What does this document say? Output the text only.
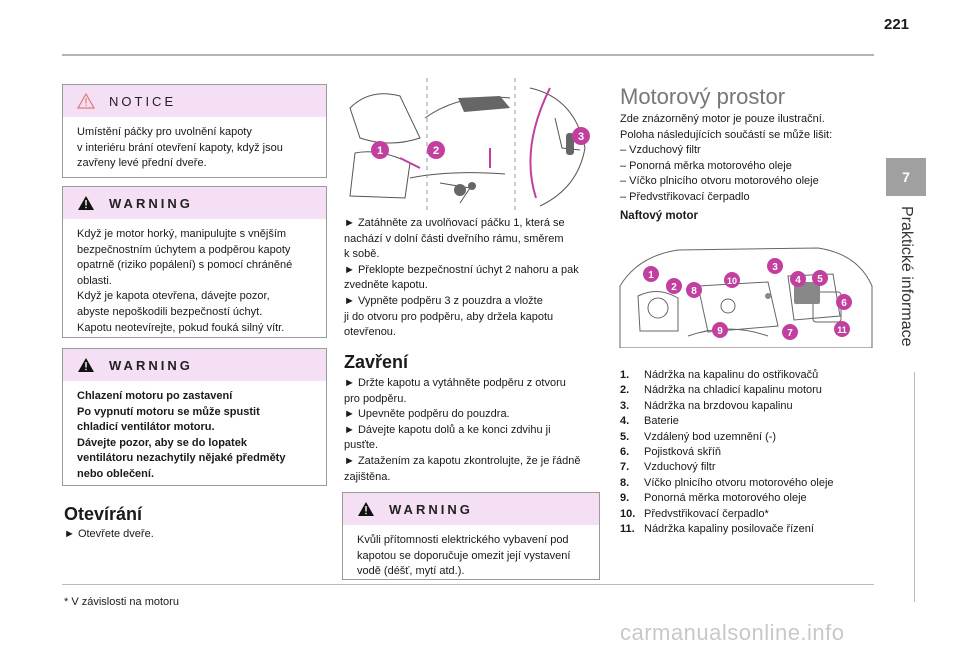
221
7
Praktické informace
NOTICE

Umístění páčky pro uvolnění kapoty

v interiéru brání otevření kapoty, když jsou

zavřeny levé přední dveře.

WARNING

Když je motor horký, manipulujte s vnějším

bezpečnostním úchytem a podpěrou kapoty

opatrně (riziko popálení) s pomocí chráněné

oblasti.

Když je kapota otevřena, dávejte pozor,

abyste nepoškodili bezpečností úchyt.

Kapotu neotevírejte, pokud fouká silný vítr.

WARNING

Chlazení motoru po zastavení

Po vypnutí motoru se může spustit

chladicí ventilátor motoru.

Dávejte pozor, aby se do lopatek

ventilátoru nezachytily nějaké předměty

nebo oblečení.

Otevírání
► Otevřete dveře.
* V závislosti na motoru
1	2
3

► Zatáhněte za uvolňovací páčku 1, která se

nachází v dolní části dveřního rámu, směrem

k sobě.

► Překlopte bezpečnostní úchyt 2 nahoru a pak

zvedněte kapotu.

► Vypněte podpěru 3 z pouzdra a vložte

ji do otvoru pro podpěru, aby držela kapotu

otevřenou.

Zavření

► Držte kapotu a vytáhněte podpěru z otvoru

pro podpěru.

► Upevněte podpěru do pouzdra.

► Dávejte kapotu dolů a ke konci zdvihu ji

pusťte.

► Zatažením za kapotu zkontrolujte, že je řádně

zajištěna.

WARNING

Kvůli přítomnosti elektrického vybavení pod

kapotou se doporučuje omezit její vystavení

vodě (déšť, mytí atd.).

Motorový prostor

Zde znázorněný motor je pouze ilustrační.

Poloha následujících součástí se může lišit:

– Vzduchový filtr

– Ponorná měrka motorového oleje

– Víčko plnicího otvoru motorového oleje

– Předvstřikovací čerpadlo

Naftový motor
1
2 8
10
3
4 5
6
9	7	11
1.	Nádržka na kapalinu do ostřikovačů
2.	Nádržka na chladicí kapalinu motoru
3.	Nádržka na brzdovou kapalinu
4.	Baterie
5.	Vzdálený bod uzemnění (-)
6.	Pojistková skříň
7.	Vzduchový filtr
8.	Víčko plnicího otvoru motorového oleje
9.	Ponorná měrka motorového oleje
10. Předvstřikovací čerpadlo*
11. Nádržka kapaliny posilovače řízení
carmanualsonline.info
